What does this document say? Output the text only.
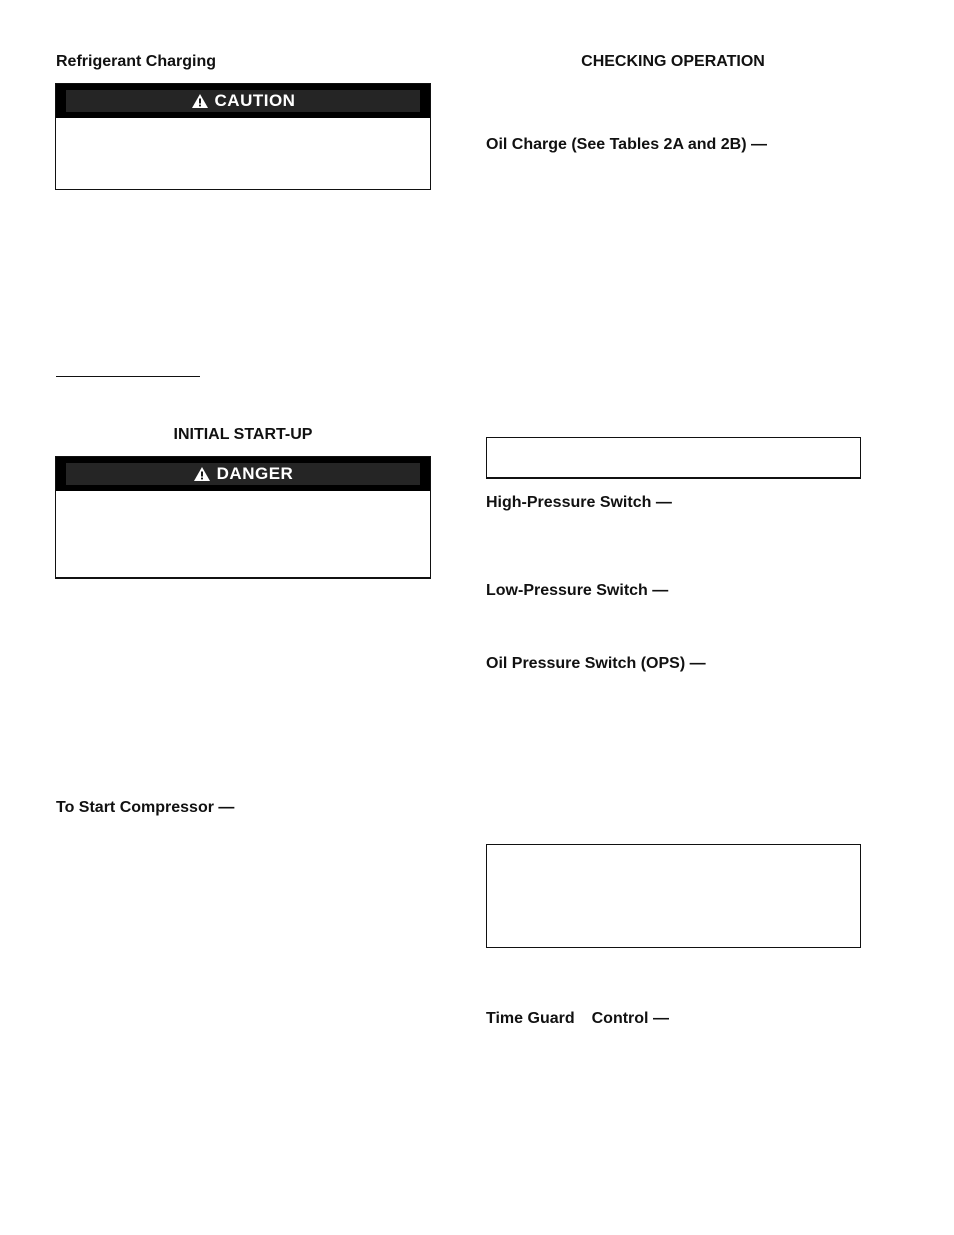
Refrigerant Charging
CAUTION
INITIAL START-UP
DANGER
To Start Compressor —
CHECKING OPERATION
Oil Charge (See Tables 2A and 2B) —
High-Pressure Switch —
Low-Pressure Switch —
Oil Pressure Switch (OPS) —
Time Guard Control —
